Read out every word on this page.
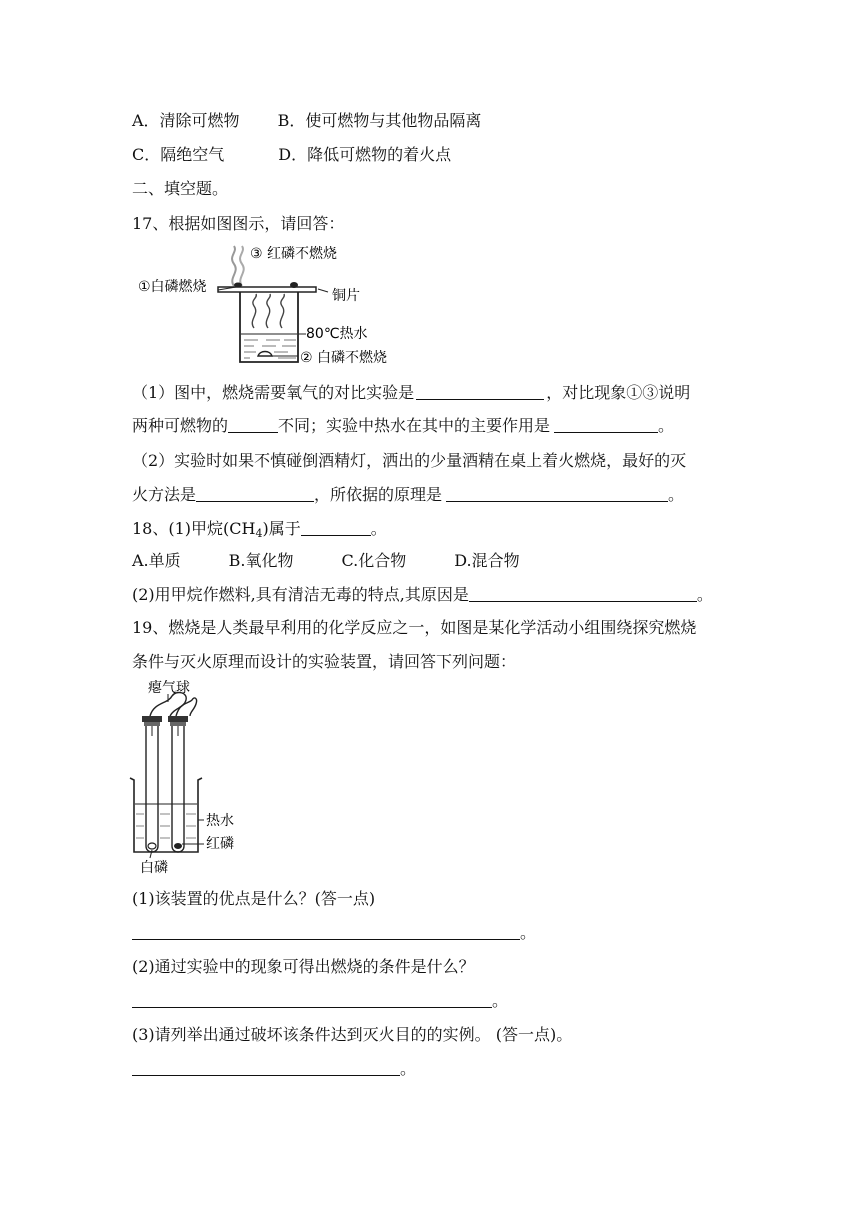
A．清除可燃物 B．使可燃物与其他物品隔离
C．隔绝空气	D．降低可燃物的着火点
二、填空题。
17、根据如图图示，请回答：
③ 红磷不燃烧
①白磷燃烧
铜片
80℃热水
② 白磷不燃烧
（1）图中，燃烧需要氧气的对比实验是	，对比现象①③说明
两种可燃物的	不同；实验中热水在其中的主要作用是	。
（2）实验时如果不慎碰倒酒精灯，洒出的少量酒精在桌上着火燃烧，最好的灭
火方法是	，所依据的原理是	。
18、(1)甲烷$(CH_4)$属于	。
A.单质　　　B.氧化物　　　C.化合物　　　D.混合物
(2)用甲烷作燃料,具有清洁无毒的特点,其原因是	。
19、燃烧是人类最早利用的化学反应之一，如图是某化学活动小组围绕探究燃烧
条件与灭火原理而设计的实验装置，请回答下列问题：
瘪气球
热水
红磷
白磷
(1)该装置的优点是什么？(答一点)
。
(2)通过实验中的现象可得出燃烧的条件是什么？
。
(3)请列举出通过破坏该条件达到灭火目的的实例。 (答一点)。
。
